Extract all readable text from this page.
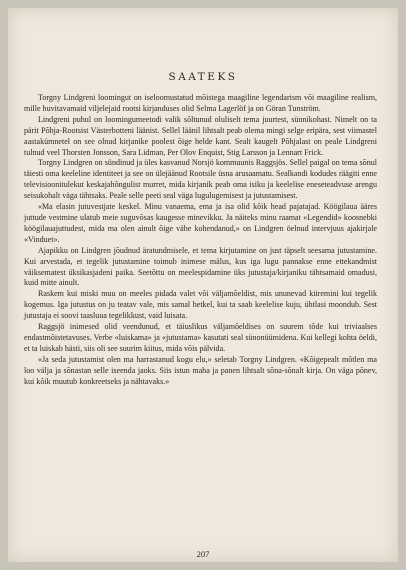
SAATEKS

Torgny Lindgreni loomingut on iseloomustatud mõistega maagiline legendarism või maagiline realism, mille huvitavamaid viljelejaid rootsi kirjanduses olid Selma Lagerlöf ja on Göran Tunström.

Lindgreni puhul on loomingumeetodi valik sõltunud oluliselt tema juurtest, sünnikohast. Nimelt on ta pärit Põhja-Rootsist Västerbotteni läänist. Sellel läänil lihtsalt peab olema mingi selge eripära, sest viimastel aastakümnetel on see olnud kirjanike poolest õige helde kant. Sealt kaugelt Põhjalast on peale Lindgreni tulnud veel Thorsten Jonsson, Sara Lidman, Per Olov Enquist, Stig Larsson ja Lennart Frick.

Torgny Lindgren on sündinud ja üles kasvanud Norsjö kommuunis Raggsjös. Sellel paigal on tema sõnul täiesti oma keeleline identiteet ja see on ülejäänud Rootsile üsna arusaamatu. Sealkandi kodudes räägiti enne televisioonitulekut keskajahõngulist murret, mida kirjanik peab oma isiku ja keelelise eneseteadvuse arengu seisukohalt väga tähtsaks. Peale selle peeti seal väga lugulugemisest ja jutustamisest.

«Ma elasin jutuvestjate keskel. Minu vanaema, ema ja isa olid kõik head pajatajad. Köögilaua ääres juttude vestmine ulatub meie suguvõsas kaugesse minevikku. Ja näiteks minu raamat «Legendid» koosnebki köögilauajuttudest, mida ma olen ainult õige vähe kohendanud,» on Lindgren öelnud intervjuus ajakirjale «Vinduet».

Ajapikku on Lindgren jõudnud äratundmisele, et tema kirjutamine on just täpselt seesama jutustamine. Kui arvestada, et tegelik jutustamine toimub inimese mälus, kus iga lugu pannakse enne ettekandmist väiksematest üksikasjadeni paika. Seetõttu on meelespidamine üks jutustaja/kirjaniku tähtsamaid omadusi, kuid mitte ainult.

Raskem kui miski muu on meeles pidada valet või väljamõeldist, mis ununevad kiiremini kui tegelik kogemus. Iga jutustus on ju teatav vale, mis samal hetkel, kui ta saab keelelise kuju, ühtlasi moondub. Sest jutustaja ei soovi taasluua tegelikkust, vaid luisata.

Raggsjö inimesed olid veendunud, et täiuslikus väljamõeldises on suurem tõde kui triviaalses endastmõistetavuses. Verbe «luiskama» ja «jutustama» kasutati seal sünonüümidena. Kui kellegi kohta öeldi, et ta luiskab hästi, siis oli see suurim kiitus, mida võis pälvida.

«Ja seda jutustamist olen ma harrastanud kogu elu,» seletab Torgny Lindgren. «Kõigepealt mõtlen ma loo välja ja sõnastan selle iseenda jaoks. Siis istun maha ja panen lihtsalt sõna-sõnalt kirja. On väga põnev, kui kõik muutub konkreetseks ja nähtavaks.»

207
